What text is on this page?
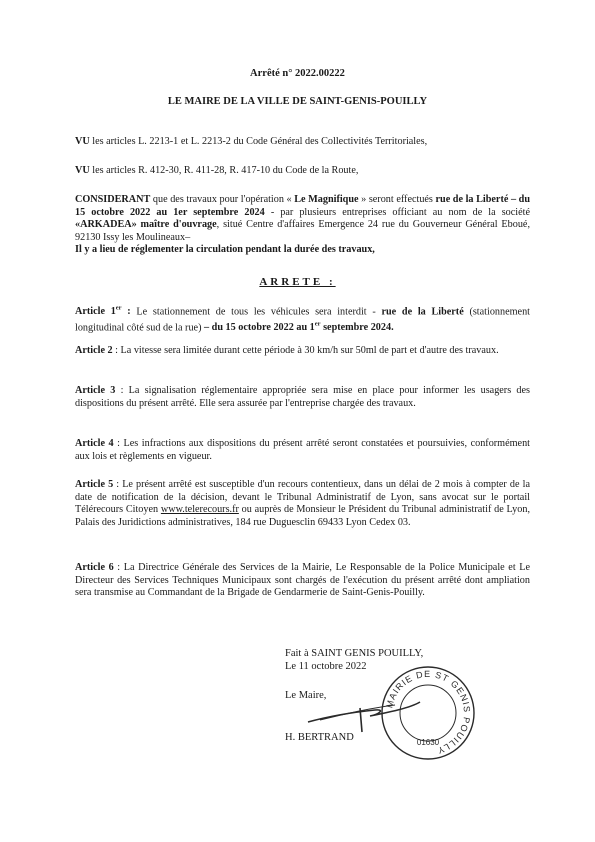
Arrêté n° 2022.00222
LE MAIRE DE LA VILLE DE SAINT-GENIS-POUILLY

VU les articles L. 2213-1 et L. 2213-2 du Code Général des Collectivités Territoriales,

VU les articles R. 412-30, R. 411-28, R. 417-10 du Code de la Route,

CONSIDERANT que des travaux pour l'opération « Le Magnifique » seront effectués rue de la Liberté – du 15 octobre 2022 au 1er septembre 2024 - par plusieurs entreprises officiant au nom de la société «ARKADEA» maître d'ouvrage, situé Centre d'affaires Emergence 24 rue du Gouverneur Général Eboué, 92130 Issy les Moulineaux–
Il y a lieu de réglementer la circulation pendant la durée des travaux,

ARRETE :

Article 1er : Le stationnement de tous les véhicules sera interdit - rue de la Liberté (stationnement longitudinal côté sud de la rue) – du 15 octobre 2022 au 1er septembre 2024.

Article 2 : La vitesse sera limitée durant cette période à 30 km/h sur 50ml de part et d'autre des travaux.

Article 3 : La signalisation réglementaire appropriée sera mise en place pour informer les usagers des dispositions du présent arrêté. Elle sera assurée par l'entreprise chargée des travaux.

Article 4 : Les infractions aux dispositions du présent arrêté seront constatées et poursuivies, conformément aux lois et règlements en vigueur.

Article 5 : Le présent arrêté est susceptible d'un recours contentieux, dans un délai de 2 mois à compter de la date de notification de la décision, devant le Tribunal Administratif de Lyon, sans avocat sur le portail Télérecours Citoyen www.telerecours.fr ou auprès de Monsieur le Président du Tribunal administratif de Lyon, Palais des Juridictions administratives, 184 rue Duguesclin 69433 Lyon Cedex 03.

Article 6 : La Directrice Générale des Services de la Mairie, Le Responsable de la Police Municipale et Le Directeur des Services Techniques Municipaux sont chargés de l'exécution du présent arrêté dont ampliation sera transmise au Commandant de la Brigade de Gendarmerie de Saint-Genis-Pouilly.

Fait à SAINT GENIS POUILLY,
Le 11 octobre 2022
Le Maire,
H. BERTRAND
MAIRIE DE ST GENIS POUILLY
01630
